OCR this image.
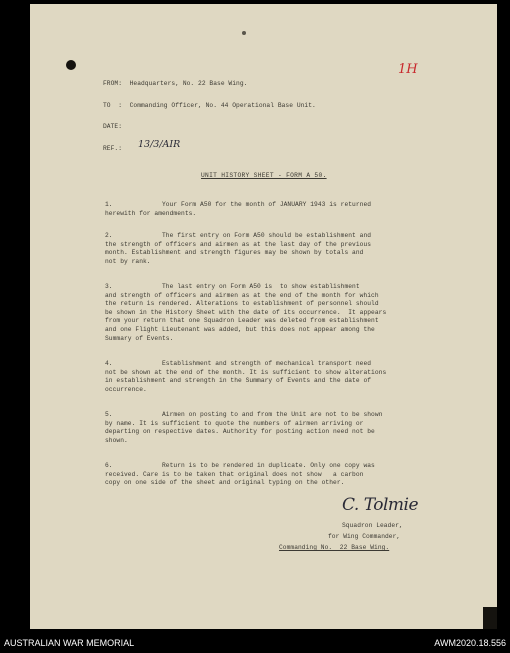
1H

FROM:  Headquarters, No. 22 Base Wing.

TO  :  Commanding Officer, No. 44 Operational Base Unit.

DATE:

REF.: 13/3/AIR

UNIT HISTORY SHEET - FORM A 50.

1.             Your Form A50 for the month of JANUARY 1943 is returned

herewith for amendments.

2.             The first entry on Form A50 should be establishment and

the strength of officers and airmen as at the last day of the previous

month. Establishment and strength figures may be shown by totals and

not by rank.

3.             The last entry on Form A50 is  to show establishment

and strength of officers and airmen as at the end of the month for which

the return is rendered. Alterations to establishment of personnel should

be shown in the History Sheet with the date of its occurrence.  It appears

from your return that one Squadron Leader was deleted from establishment

and one Flight Lieutenant was added, but this does not appear among the

Summary of Events.

4.             Establishment and strength of mechanical transport need

not be shown at the end of the month. It is sufficient to show alterations

in establishment and strength in the Summary of Events and the date of

occurrence.

5.             Airmen on posting to and from the Unit are not to be shown

by name. It is sufficient to quote the numbers of airmen arriving or

departing on respective dates. Authority for posting action need not be

shown.

6.             Return is to be rendered in duplicate. Only one copy was

received. Care is to be taken that original does not show   a carbon

copy on one side of the sheet and original typing on the other.

C. Tolmie

Squadron Leader,

for Wing Commander,

Commanding No.  22 Base Wing.

AUSTRALIAN WAR MEMORIAL	AWM2020.18.556
